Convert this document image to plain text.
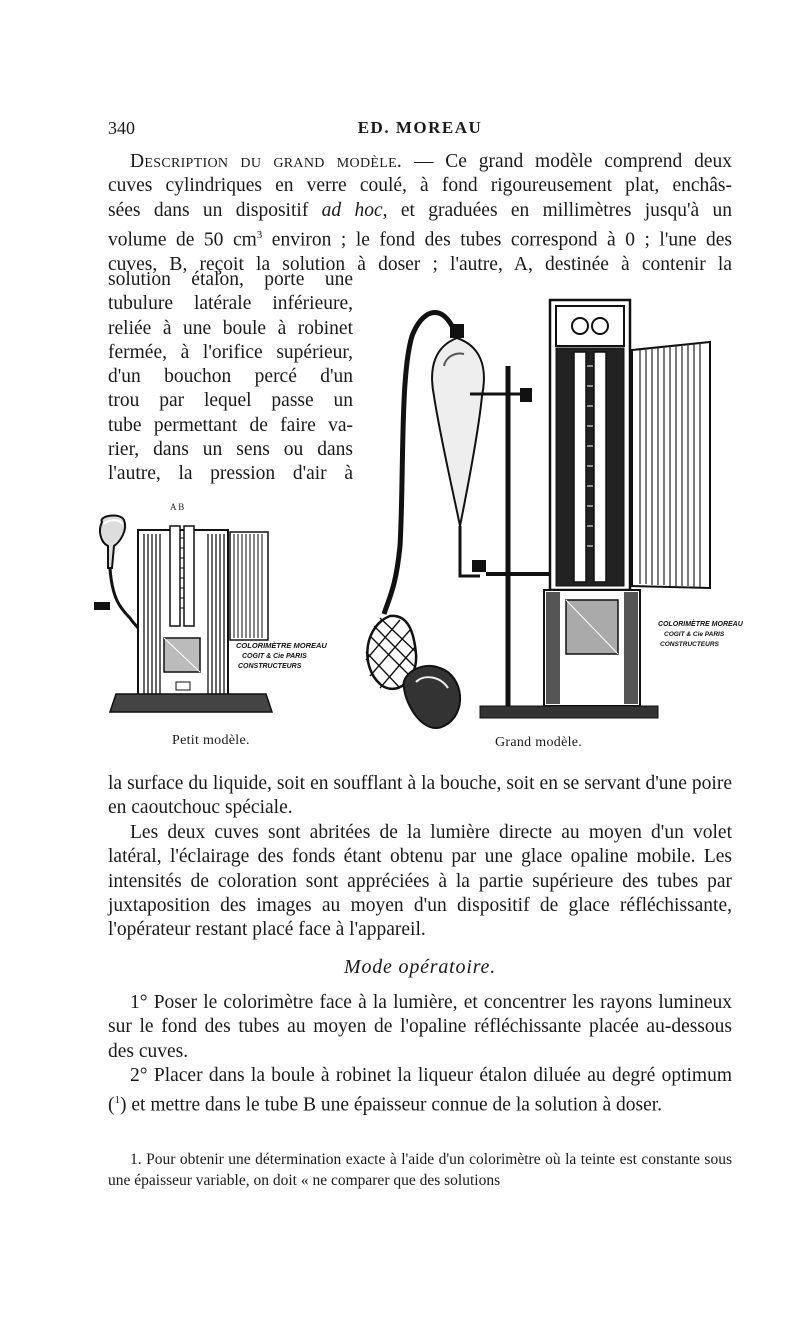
340	ED. MOREAU

Description du grand modèle. — Ce grand modèle comprend deux
cuves cylindriques en verre coulé, à fond rigoureusement plat, enchâs-
sées dans un dispositif ad hoc, et graduées en millimètres jusqu'à un
volume de 50 $cm^3$ environ ; le fond des tubes correspond à 0 ; l'une des
cuves, B, reçoit la solution à doser ; l'autre, A, destinée à contenir la

solution étalon, porte une
tubulure latérale inférieure,
reliée à une boule à robinet
fermée, à l'orifice supérieur,
d'un bouchon percé d'un
trou par lequel passe un
tube permettant de faire va-
rier, dans un sens ou dans
l'autre, la pression d'air à
A B
COLORIMÈTRE MOREAU
COGIT & Cie PARIS
CONSTRUCTEURS
Petit modèle.
COLORIMÈTRE MOREAU
COGIT & Cie PARIS
CONSTRUCTEURS
Grand modèle.

la surface du liquide, soit en soufflant à la bouche, soit en se servant d'une poire en caoutchouc spéciale.

Les deux cuves sont abritées de la lumière directe au moyen d'un volet latéral, l'éclairage des fonds étant obtenu par une glace opaline mobile. Les intensités de coloration sont appréciées à la partie supérieure des tubes par juxtaposition des images au moyen d'un dispositif de glace réfléchissante, l'opérateur restant placé face à l'appareil.

Mode opératoire.

1° Poser le colorimètre face à la lumière, et concentrer les rayons lumineux sur le fond des tubes au moyen de l'opaline réfléchissante placée au-dessous des cuves.

2° Placer dans la boule à robinet la liqueur étalon diluée au degré optimum ($^1$) et mettre dans le tube B une épaisseur connue de la solution à doser.

1. Pour obtenir une détermination exacte à l'aide d'un colorimètre où la teinte est constante sous une épaisseur variable, on doit « ne comparer que des solutions
